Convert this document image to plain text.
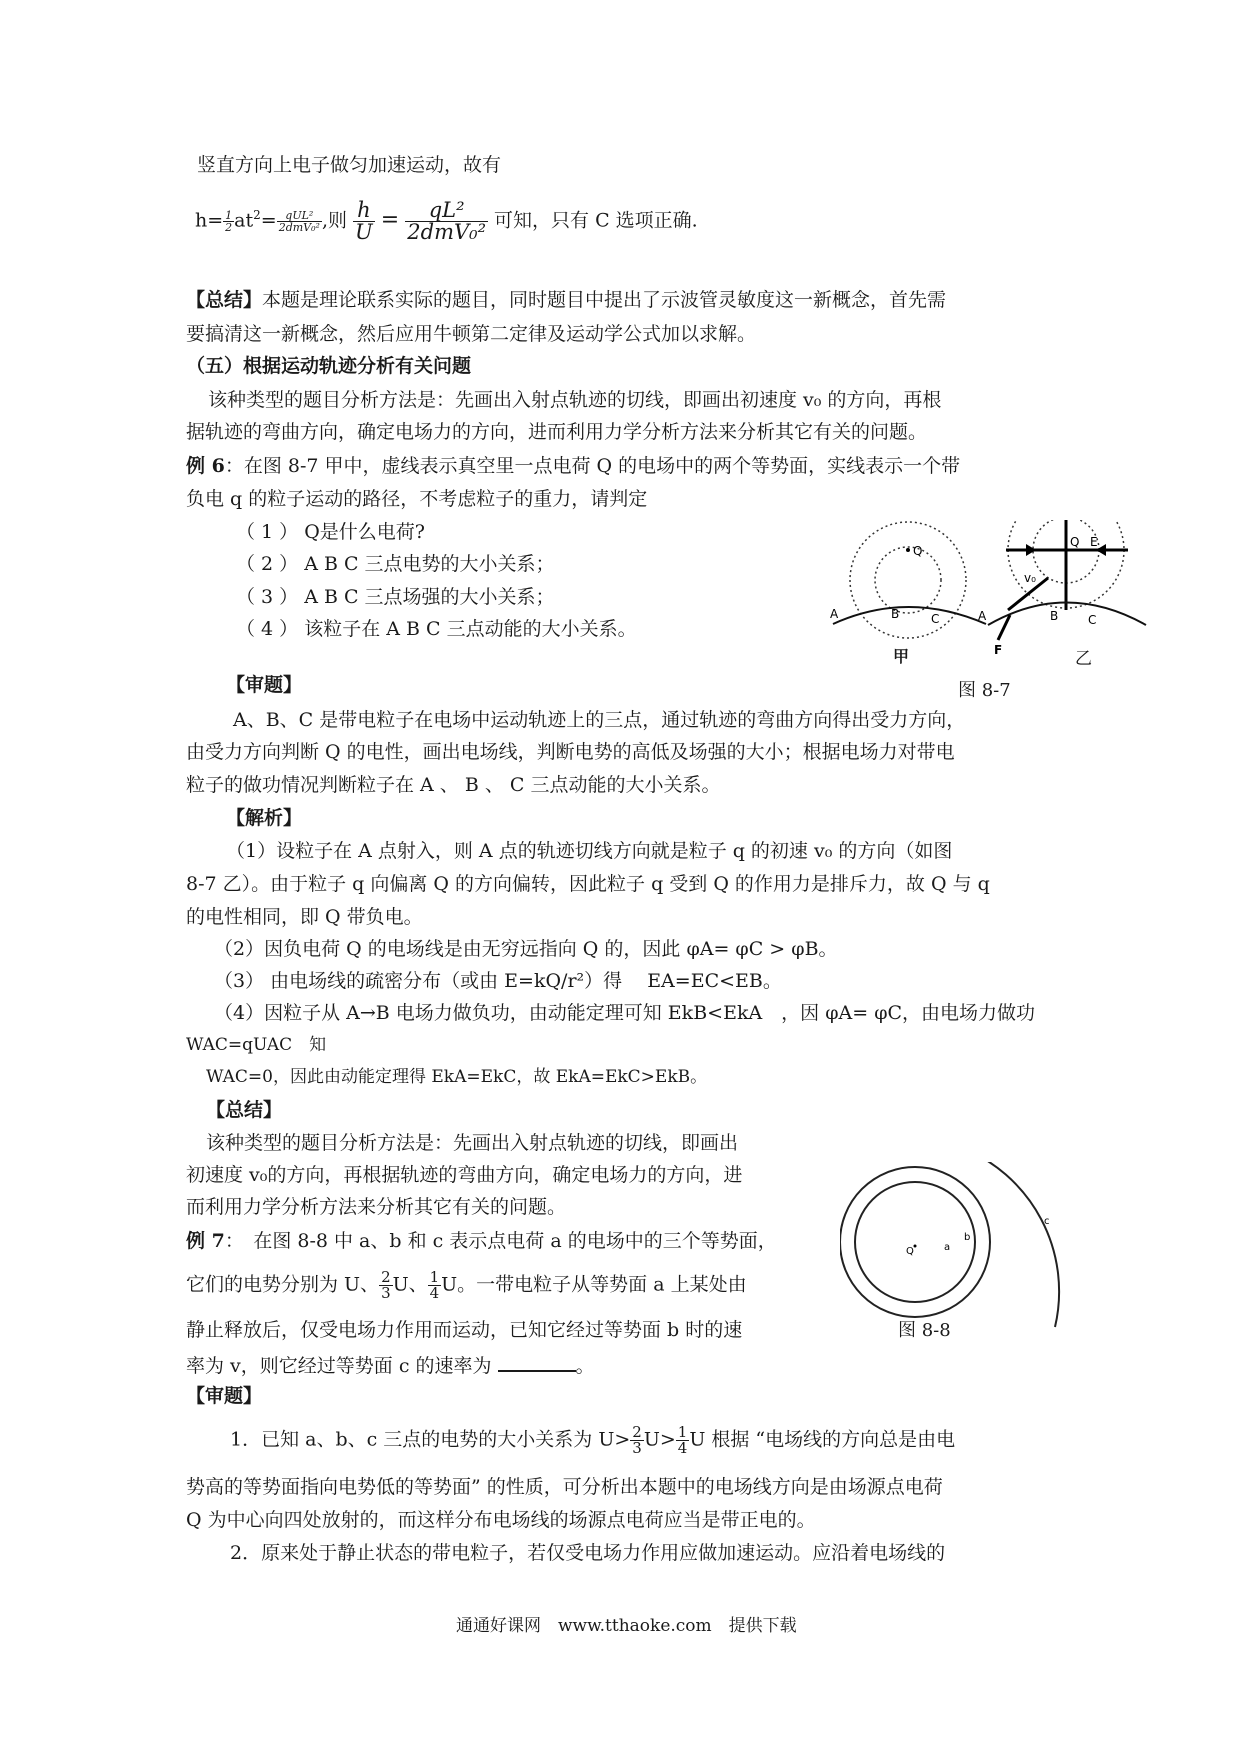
竖直方向上电子做匀加速运动，故有
$h= \frac{1}{2} at^2= \frac{\text{qUL²}}{\text{2dmV₀²}}$ ,则 $\frac{h}{U} = \frac{\text{qL²}}{\text{2dmV₀²}}$ 可知，只有 C 选项正确.
【总结】本题是理论联系实际的题目，同时题目中提出了示波管灵敏度这一新概念，首先需
要搞清这一新概念，然后应用牛顿第二定律及运动学公式加以求解。
（五）根据运动轨迹分析有关问题
该种类型的题目分析方法是：先画出入射点轨迹的切线，即画出初速度 v₀ 的方向，再根
据轨迹的弯曲方向，确定电场力的方向，进而利用力学分析方法来分析其它有关的问题。
例 6：在图 8-7 甲中，虚线表示真空里一点电荷 Q 的电场中的两个等势面，实线表示一个带
负电 q 的粒子运动的路径，不考虑粒子的重力，请判定
（ 1 ） Q是什么电荷?
（ 2 ） A B C 三点电势的大小关系；
（ 3 ） A B C 三点场强的大小关系；
（ 4 ） 该粒子在 A B C 三点动能的大小关系。
Q
A	B	C
Q E
v₀
A	B C
F
甲	乙
图 8-7
【审题】
A、B、C 是带电粒子在电场中运动轨迹上的三点，通过轨迹的弯曲方向得出受力方向，
由受力方向判断 Q 的电性，画出电场线，判断电势的高低及场强的大小；根据电场力对带电
粒子的做功情况判断粒子在 A 、 B 、 C 三点动能的大小关系。
【解析】
（1）设粒子在 A 点射入，则 A 点的轨迹切线方向就是粒子 q 的初速 v₀ 的方向（如图
8-7 乙）。由于粒子 q 向偏离 Q 的方向偏转，因此粒子 q 受到 Q 的作用力是排斥力，故 Q 与 q
的电性相同，即 Q 带负电。
（2）因负电荷 Q 的电场线是由无穷远指向 Q 的，因此 φA= φC > φB。
（3） 由电场线的疏密分布（或由 E=kQ/r²）得　 EA=EC<EB。
（4）因粒子从 A→B 电场力做负功，由动能定理可知 EkB<EkA　，因 φA= φC，由电场力做功
WAC=qUAC　知
WAC=0，因此由动能定理得 EkA=EkC，故 EkA=EkC>EkB。
【总结】
该种类型的题目分析方法是：先画出入射点轨迹的切线，即画出
初速度 v₀的方向，再根据轨迹的弯曲方向，确定电场力的方向，进
而利用力学分析方法来分析其它有关的问题。
例 7：　在图 8-8 中 a、b 和 c 表示点电荷 a 的电场中的三个等势面，
它们的电势分别为 U、 $\frac{2}{3}$ U、 $\frac{1}{4}$ U。一带电粒子从等势面 a 上某处由
静止释放后，仅受电场力作用而运动，已知它经过等势面 b 时的速
率为 v，则它经过等势面 c 的速率为	。
Q	a
b
c
图 8-8
【审题】
1．已知 a、b、c 三点的电势的大小关系为 $U> \frac{2}{3} U> \frac{1}{4}$ U 根据 “电场线的方向总是由电
势高的等势面指向电势低的等势面” 的性质，可分析出本题中的电场线方向是由场源点电荷
Q 为中心向四处放射的，而这样分布电场线的场源点电荷应当是带正电的。
2．原来处于静止状态的带电粒子，若仅受电场力作用应做加速运动。应沿着电场线的
通通好课网　www.tthaoke.com　提供下载
